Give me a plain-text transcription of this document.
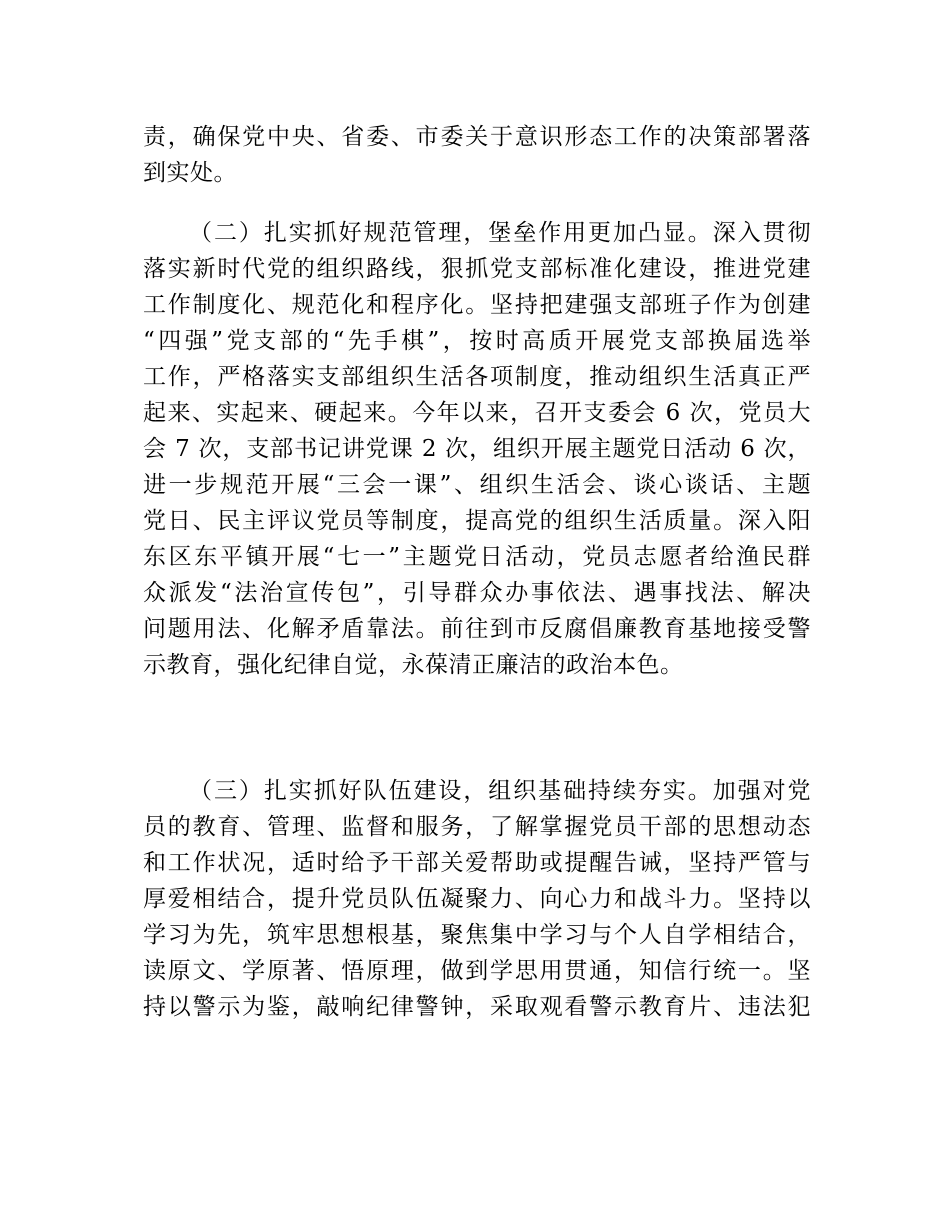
责，确保党中央、省委、市委关于意识形态工作的决策部署落
到实处。
（二）扎实抓好规范管理，堡垒作用更加凸显。深入贯彻
落实新时代党的组织路线，狠抓党支部标准化建设，推进党建
工作制度化、规范化和程序化。坚持把建强支部班子作为创建
“四强”党支部的“先手棋”，按时高质开展党支部换届选举
工作，严格落实支部组织生活各项制度，推动组织生活真正严
起来、实起来、硬起来。今年以来，召开支委会 6 次，党员大
会 7 次，支部书记讲党课 2 次，组织开展主题党日活动 6 次，
进一步规范开展“三会一课”、组织生活会、谈心谈话、主题
党日、民主评议党员等制度，提高党的组织生活质量。深入阳
东区东平镇开展“七一”主题党日活动，党员志愿者给渔民群
众派发“法治宣传包”，引导群众办事依法、遇事找法、解决
问题用法、化解矛盾靠法。前往到市反腐倡廉教育基地接受警
示教育，强化纪律自觉，永葆清正廉洁的政治本色。
（三）扎实抓好队伍建设，组织基础持续夯实。加强对党
员的教育、管理、监督和服务，了解掌握党员干部的思想动态
和工作状况，适时给予干部关爱帮助或提醒告诫，坚持严管与
厚爱相结合，提升党员队伍凝聚力、向心力和战斗力。坚持以
学习为先，筑牢思想根基，聚焦集中学习与个人自学相结合，
读原文、学原著、悟原理，做到学思用贯通，知信行统一。坚
持以警示为鉴，敲响纪律警钟，采取观看警示教育片、违法犯
